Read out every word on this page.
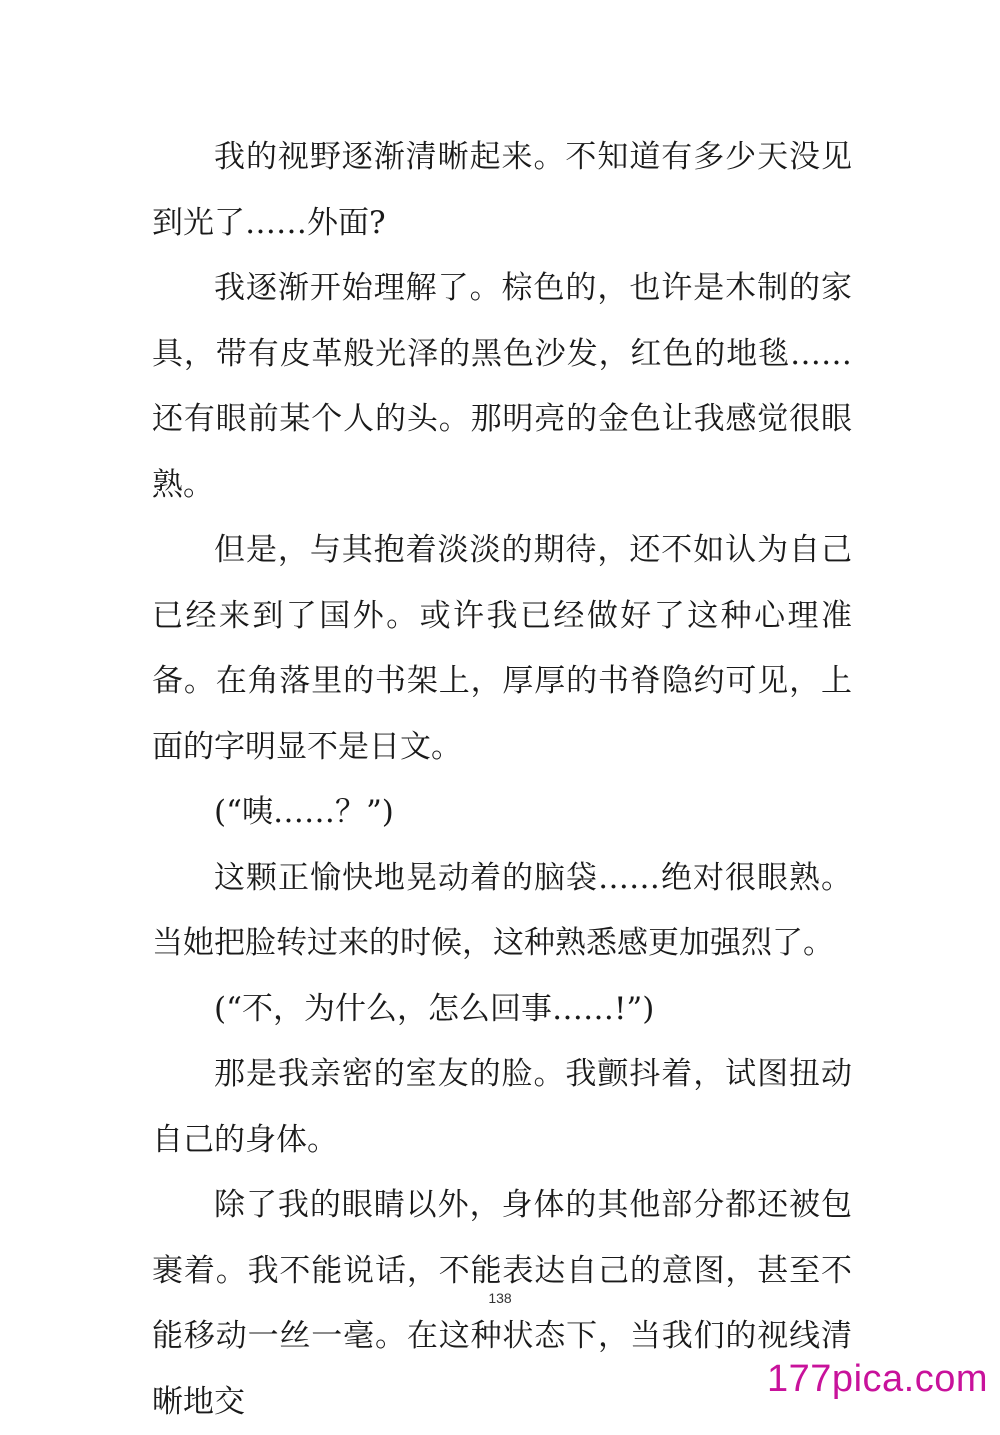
我的视野逐渐清晰起来。不知道有多少天没见到光了……外面?

我逐渐开始理解了。棕色的，也许是木制的家具，带有皮革般光泽的黑色沙发，红色的地毯……还有眼前某个人的头。那明亮的金色让我感觉很眼熟。

但是，与其抱着淡淡的期待，还不如认为自己已经来到了国外。或许我已经做好了这种心理准备。在角落里的书架上，厚厚的书脊隐约可见，上面的字明显不是日文。

(“咦……？”)

这颗正愉快地晃动着的脑袋……绝对很眼熟。当她把脸转过来的时候，这种熟悉感更加强烈了。

(“不，为什么，怎么回事……!”)

那是我亲密的室友的脸。我颤抖着，试图扭动自己的身体。

除了我的眼睛以外，身体的其他部分都还被包裹着。我不能说话，不能表达自己的意图，甚至不能移动一丝一毫。在这种状态下，当我们的视线清晰地交

138
177pica.com
